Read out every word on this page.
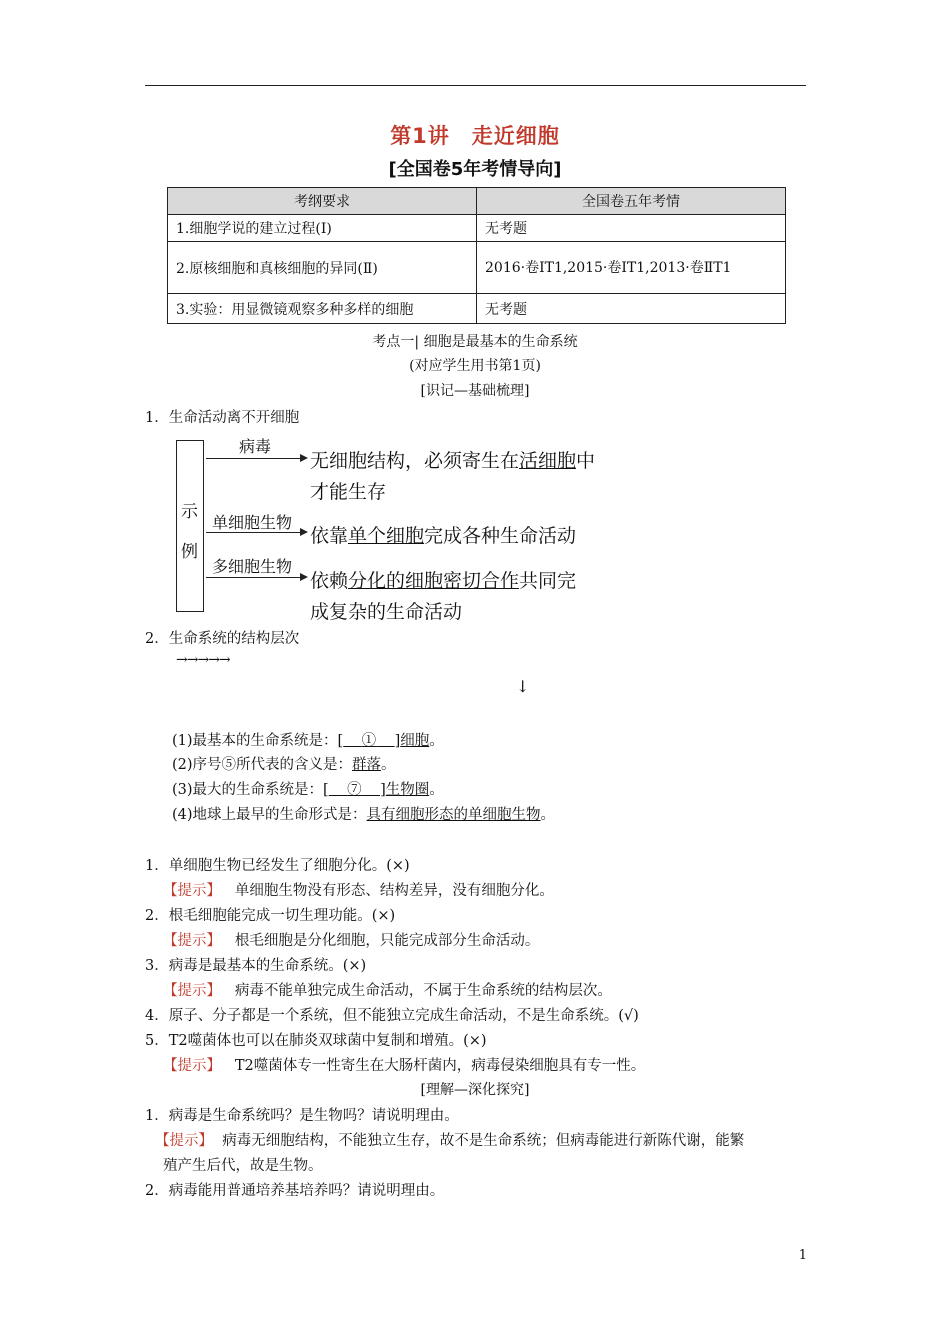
第1讲　走近细胞
[全国卷5年考情导向]
考纲要求	全国卷五年考情
1.细胞学说的建立过程(Ⅰ)	无考题
2.原核细胞和真核细胞的异同(Ⅱ)	2016·卷ⅠT1,2015·卷ⅠT1,2013·卷ⅡT1
3.实验：用显微镜观察多种多样的细胞	无考题
考点一| 细胞是最基本的生命系统
(对应学生用书第1页)
[识记—基础梳理]
1．生命活动离不开细胞
示
例
病毒
无细胞结构，必须寄生在活细胞中
才能生存
单细胞生物
依靠单个细胞完成各种生命活动
多细胞生物
依赖分化的细胞密切合作共同完
成复杂的生命活动
2．生命系统的结构层次
→→→→→
↓
(1)最基本的生命系统是：[ ① ]细胞。
(2)序号⑤所代表的含义是：群落。
(3)最大的生命系统是：[ ⑦ ]生物圈。
(4)地球上最早的生命形式是：具有细胞形态的单细胞生物。
1．单细胞生物已经发生了细胞分化。(×)
【提示】 单细胞生物没有形态、结构差异，没有细胞分化。
2．根毛细胞能完成一切生理功能。(×)
【提示】 根毛细胞是分化细胞，只能完成部分生命活动。
3．病毒是最基本的生命系统。(×)
【提示】 病毒不能单独完成生命活动，不属于生命系统的结构层次。
4．原子、分子都是一个系统，但不能独立完成生命活动，不是生命系统。(√)
5．T2噬菌体也可以在肺炎双球菌中复制和增殖。(×)
【提示】 T2噬菌体专一性寄生在大肠杆菌内，病毒侵染细胞具有专一性。
[理解—深化探究]
1．病毒是生命系统吗？是生物吗？请说明理由。
【提示】 病毒无细胞结构，不能独立生存，故不是生命系统；但病毒能进行新陈代谢，能繁
殖产生后代，故是生物。
2．病毒能用普通培养基培养吗？请说明理由。
1
